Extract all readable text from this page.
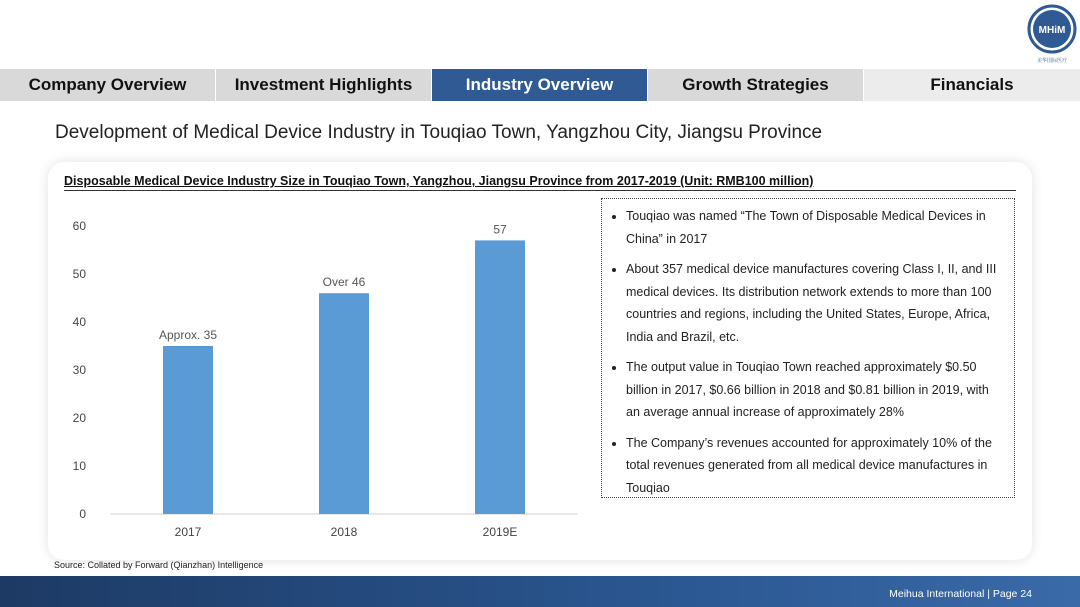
MHiM
美华国际医疗
Company Overview	Investment Highlights	Industry Overview	Growth Strategies	Financials
Development of Medical Device Industry in Touqiao Town, Yangzhou City, Jiangsu Province
Disposable Medical Device Industry Size in Touqiao Town, Yangzhou, Jiangsu Province from 2017-2019 (Unit: RMB100 million)
0
10
20
30
40
50
60
Approx. 35
2017
Over 46
2018
57
2019E
• Touqiao was named “The Town of Disposable Medical Devices in China” in 2017
• About 357 medical device manufactures covering Class I, II, and III medical devices. Its distribution network extends to more than 100 countries and regions, including the United States, Europe, Africa, India and Brazil, etc.
• The output value in Touqiao Town reached approximately $0.50 billion in 2017, $0.66 billion in 2018 and $0.81 billion in 2019, with an average annual increase of approximately 28%
• The Company’s revenues accounted for approximately 10% of the total revenues generated from all medical device manufactures in Touqiao
Source: Collated by Forward (Qianzhan) Intelligence
Meihua International | Page 24
